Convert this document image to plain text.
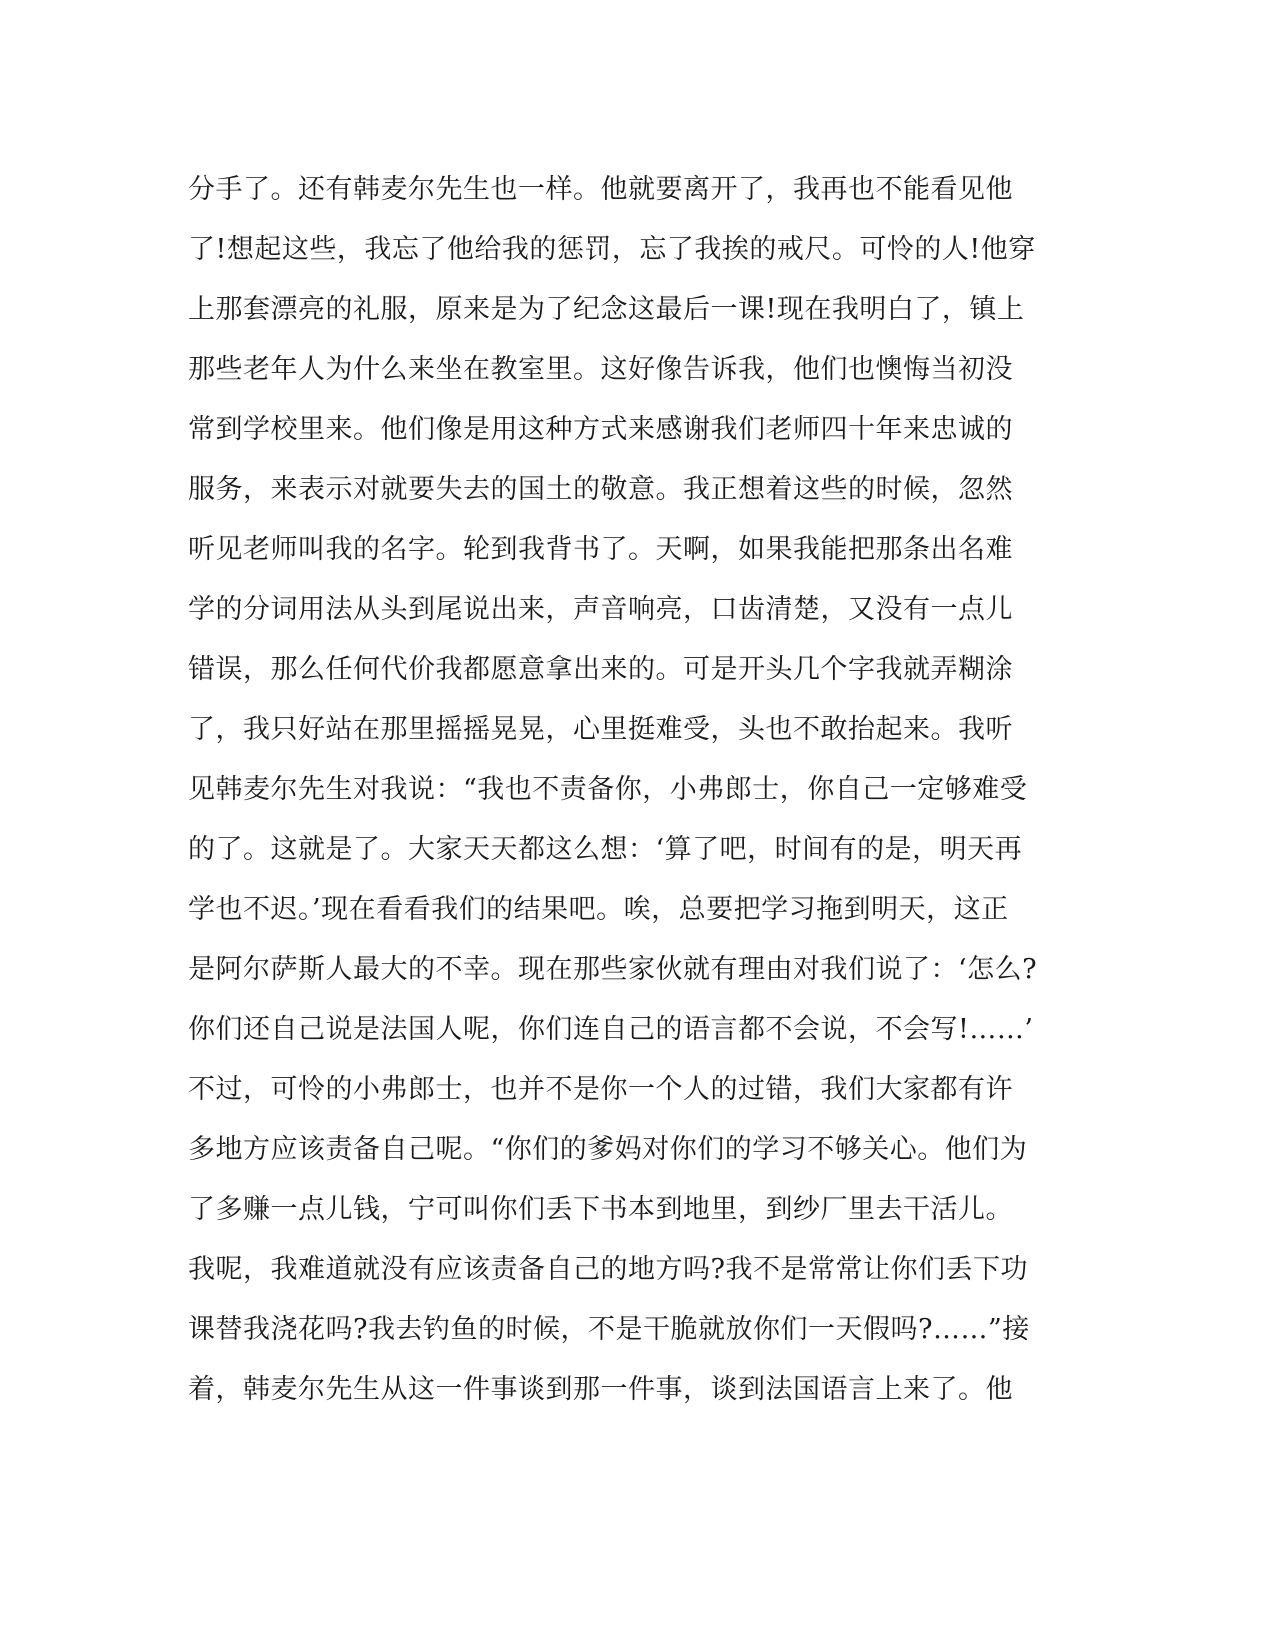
分手了。还有韩麦尔先生也一样。他就要离开了，我再也不能看见他
了!想起这些，我忘了他给我的惩罚，忘了我挨的戒尺。可怜的人!他穿
上那套漂亮的礼服，原来是为了纪念这最后一课!现在我明白了，镇上
那些老年人为什么来坐在教室里。这好像告诉我，他们也懊悔当初没
常到学校里来。他们像是用这种方式来感谢我们老师四十年来忠诚的
服务，来表示对就要失去的国土的敬意。我正想着这些的时候，忽然
听见老师叫我的名字。轮到我背书了。天啊，如果我能把那条出名难
学的分词用法从头到尾说出来，声音响亮，口齿清楚，又没有一点儿
错误，那么任何代价我都愿意拿出来的。可是开头几个字我就弄糊涂
了，我只好站在那里摇摇晃晃，心里挺难受，头也不敢抬起来。我听
见韩麦尔先生对我说：“我也不责备你，小弗郎士，你自己一定够难受
的了。这就是了。大家天天都这么想：‘算了吧，时间有的是，明天再
学也不迟。’现在看看我们的结果吧。唉，总要把学习拖到明天，这正
是阿尔萨斯人最大的不幸。现在那些家伙就有理由对我们说了：‘怎么?
你们还自己说是法国人呢，你们连自己的语言都不会说，不会写!……’
不过，可怜的小弗郎士，也并不是你一个人的过错，我们大家都有许
多地方应该责备自己呢。“你们的爹妈对你们的学习不够关心。他们为
了多赚一点儿钱，宁可叫你们丢下书本到地里，到纱厂里去干活儿。
我呢，我难道就没有应该责备自己的地方吗?我不是常常让你们丢下功
课替我浇花吗?我去钓鱼的时候，不是干脆就放你们一天假吗?……”接
着，韩麦尔先生从这一件事谈到那一件事，谈到法国语言上来了。他
